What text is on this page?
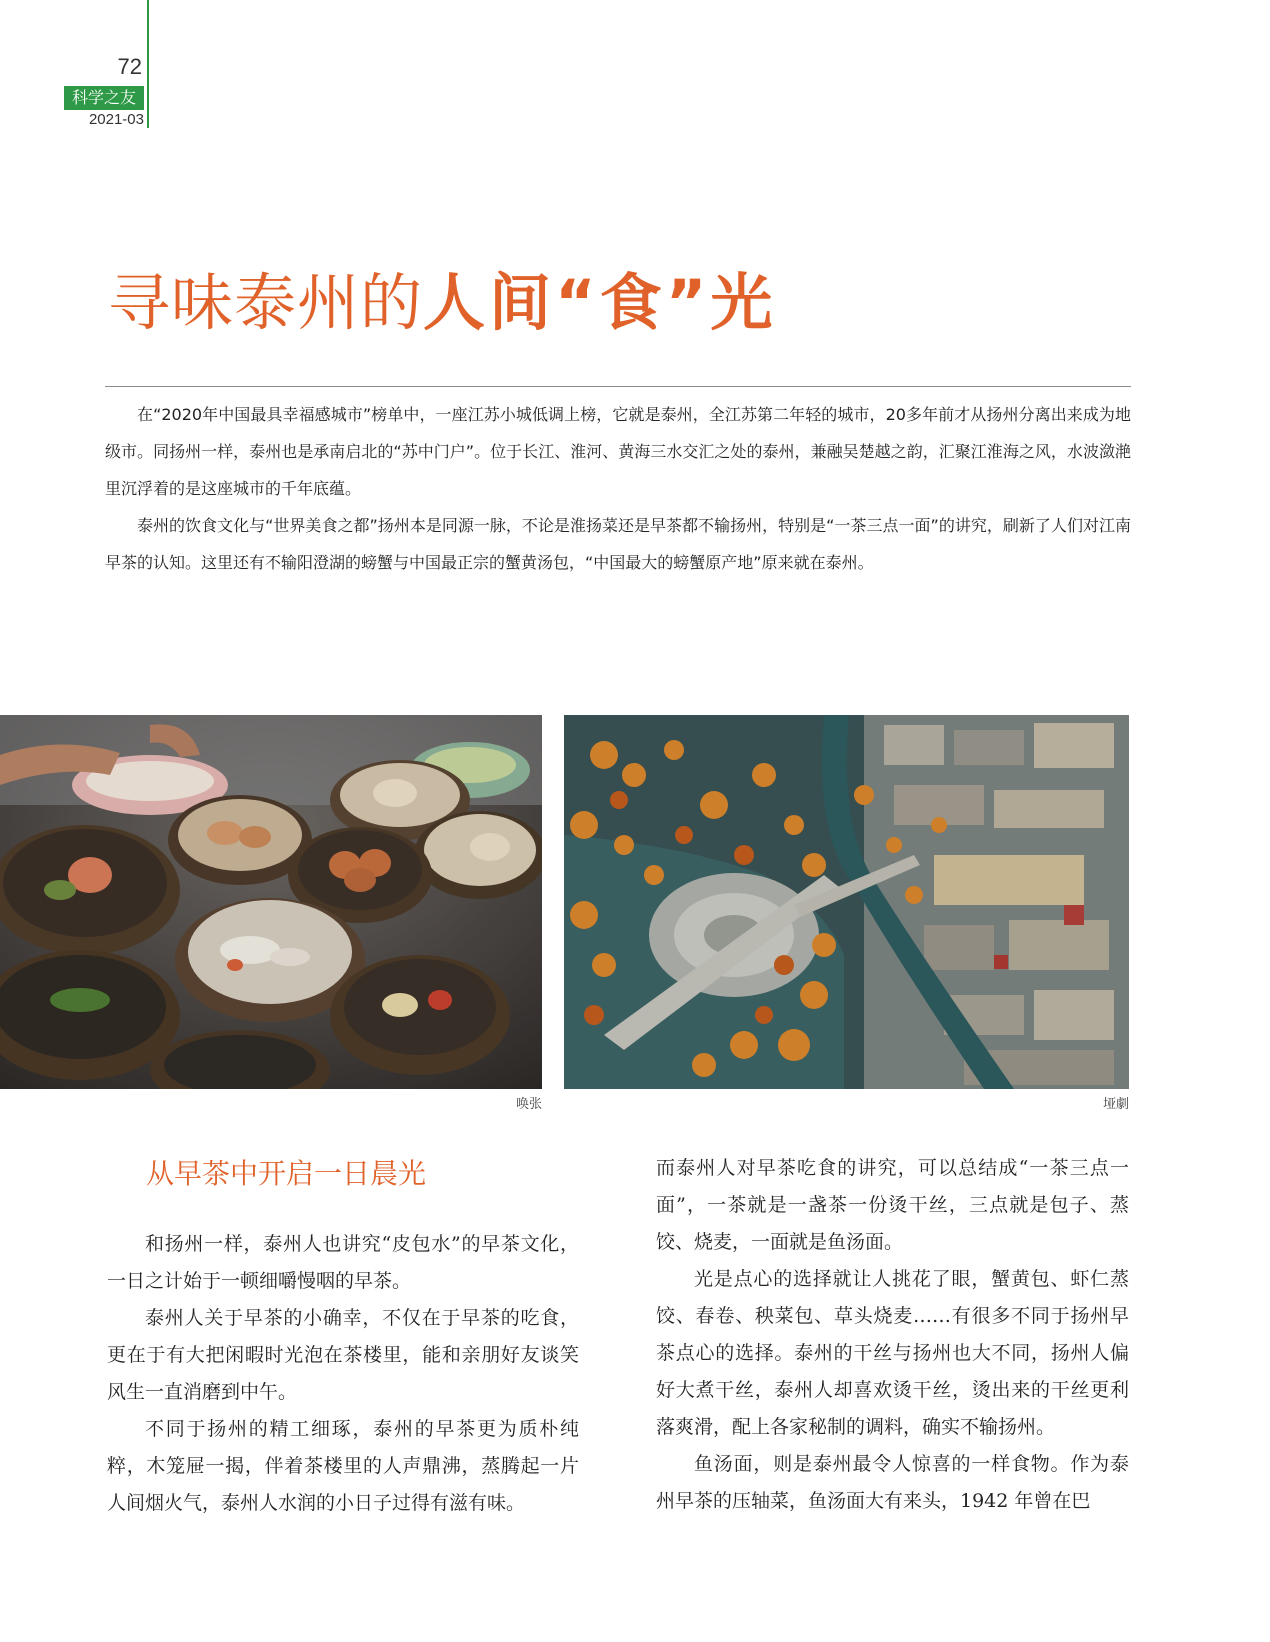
72
科学之友
2021-03
寻味泰州的人间“食”光

在“2020年中国最具幸福感城市”榜单中，一座江苏小城低调上榜，它就是泰州，全江苏第二年轻的城市，20多年前才从扬州分离出来成为地级市。同扬州一样，泰州也是承南启北的“苏中门户”。位于长江、淮河、黄海三水交汇之处的泰州，兼融吴楚越之韵，汇聚江淮海之风，水波潋滟里沉浮着的是这座城市的千年底蕴。

泰州的饮食文化与“世界美食之都”扬州本是同源一脉，不论是淮扬菜还是早茶都不输扬州，特别是“一茶三点一面”的讲究，刷新了人们对江南早茶的认知。这里还有不输阳澄湖的螃蟹与中国最正宗的蟹黄汤包，“中国最大的螃蟹原产地”原来就在泰州。

唤张	垭劇
从早茶中开启一日晨光

和扬州一样，泰州人也讲究“皮包水”的早茶文化，一日之计始于一顿细嚼慢咽的早茶。

泰州人关于早茶的小确幸，不仅在于早茶的吃食，更在于有大把闲暇时光泡在茶楼里，能和亲朋好友谈笑风生一直消磨到中午。

不同于扬州的精工细琢，泰州的早茶更为质朴纯粹，木笼屉一揭，伴着茶楼里的人声鼎沸，蒸腾起一片人间烟火气，泰州人水润的小日子过得有滋有味。

而泰州人对早茶吃食的讲究，可以总结成“一茶三点一面”，一茶就是一盏茶一份烫干丝，三点就是包子、蒸饺、烧麦，一面就是鱼汤面。

光是点心的选择就让人挑花了眼，蟹黄包、虾仁蒸饺、春卷、秧菜包、草头烧麦……有很多不同于扬州早茶点心的选择。泰州的干丝与扬州也大不同，扬州人偏好大煮干丝，泰州人却喜欢烫干丝，烫出来的干丝更利落爽滑，配上各家秘制的调料，确实不输扬州。

鱼汤面，则是泰州最令人惊喜的一样食物。作为泰州早茶的压轴菜，鱼汤面大有来头，1942 年曾在巴
